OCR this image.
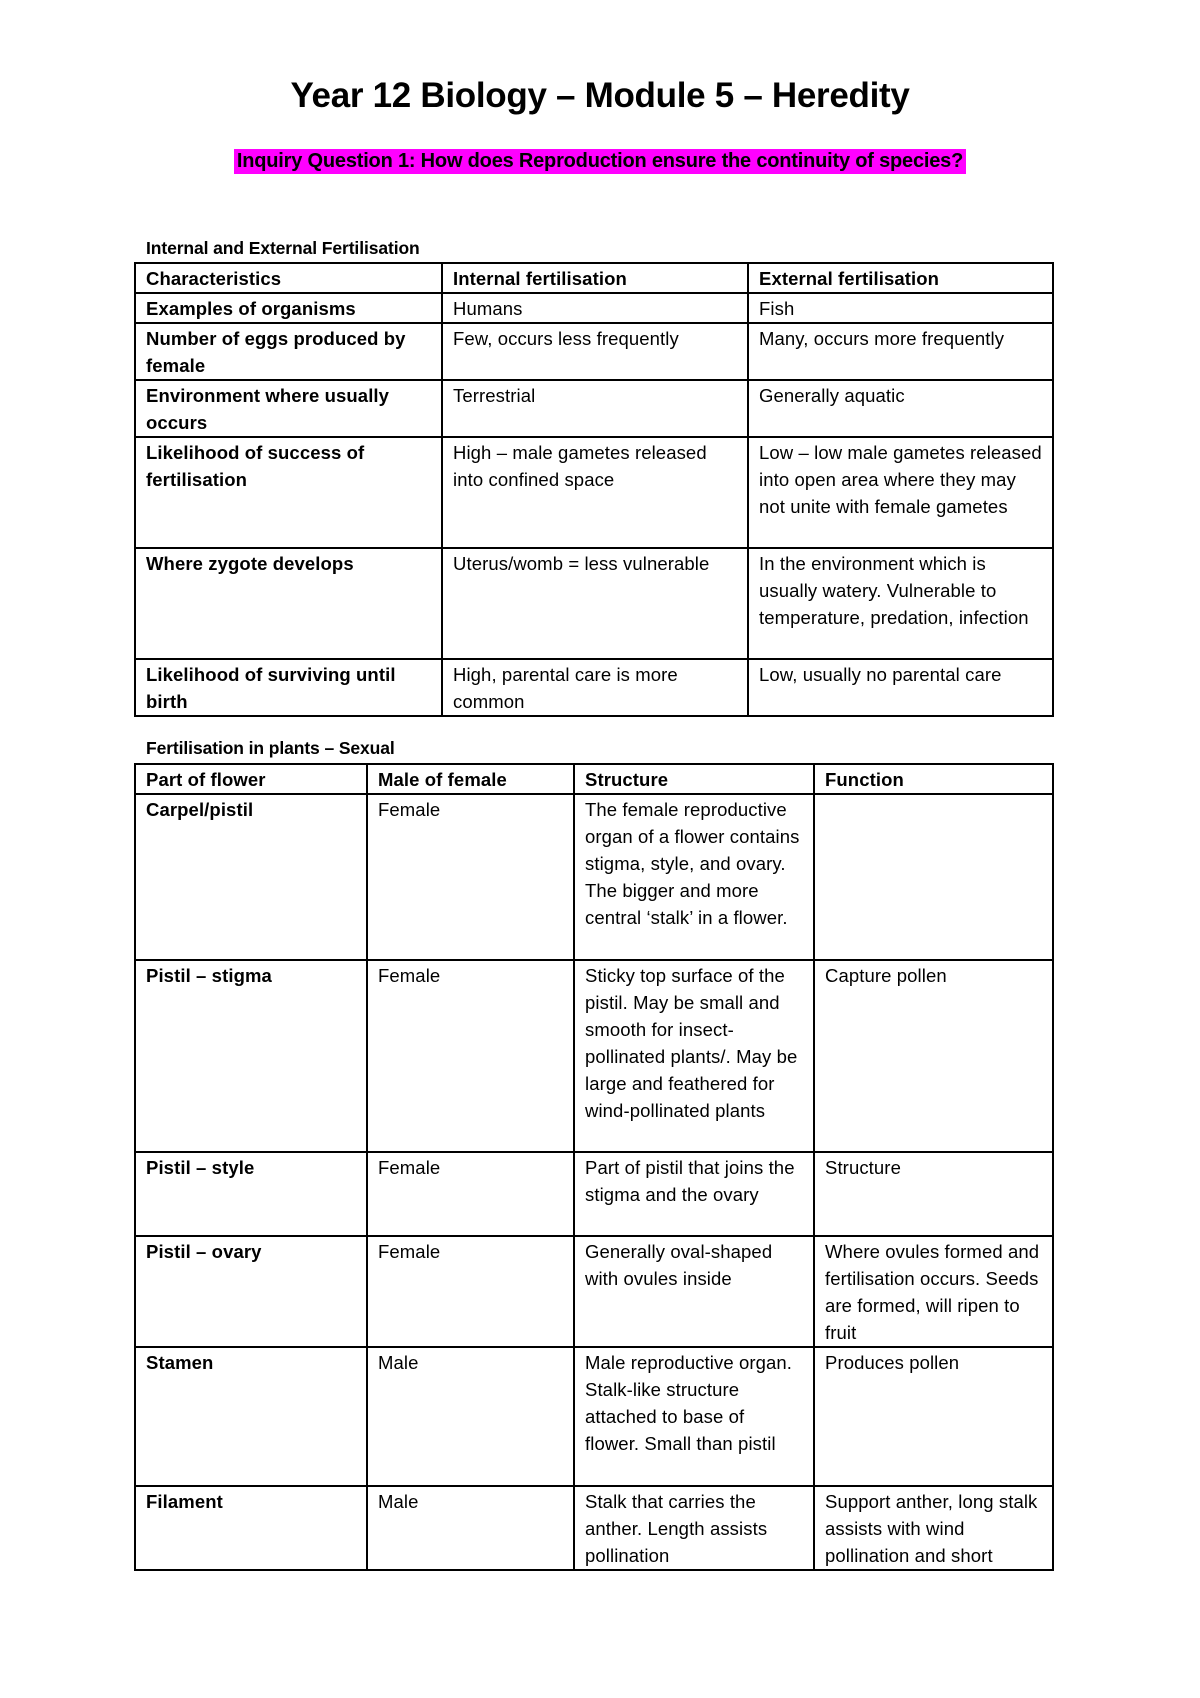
Year 12 Biology – Module 5 – Heredity
Inquiry Question 1: How does Reproduction ensure the continuity of species?
Internal and External Fertilisation
Characteristics	Internal fertilisation	External fertilisation
Examples of organisms	Humans	Fish
Number of eggs produced by female	Few, occurs less frequently	Many, occurs more frequently
Environment where usually occurs	Terrestrial	Generally aquatic
Likelihood of success of fertilisation	High – male gametes released into confined space	Low – low male gametes released into open area where they may not unite with female gametes
Where zygote develops	Uterus/womb = less vulnerable	In the environment which is usually watery. Vulnerable to temperature, predation, infection
Likelihood of surviving until birth	High, parental care is more common	Low, usually no parental care
Fertilisation in plants – Sexual
Part of flower	Male of female	Structure	Function
Carpel/pistil	Female	The female reproductive organ of a flower contains stigma, style, and ovary. The bigger and more central ‘stalk’ in a flower.	
Pistil – stigma	Female	Sticky top surface of the pistil. May be small and smooth for insect-pollinated plants/. May be large and feathered for wind-pollinated plants	Capture pollen
Pistil – style	Female	Part of pistil that joins the stigma and the ovary	Structure
Pistil – ovary	Female	Generally oval-shaped with ovules inside	Where ovules formed and fertilisation occurs. Seeds are formed, will ripen to fruit
Stamen	Male	Male reproductive organ. Stalk-like structure attached to base of flower. Small than pistil	Produces pollen
Filament	Male	Stalk that carries the anther. Length assists pollination	Support anther, long stalk assists with wind pollination and short
